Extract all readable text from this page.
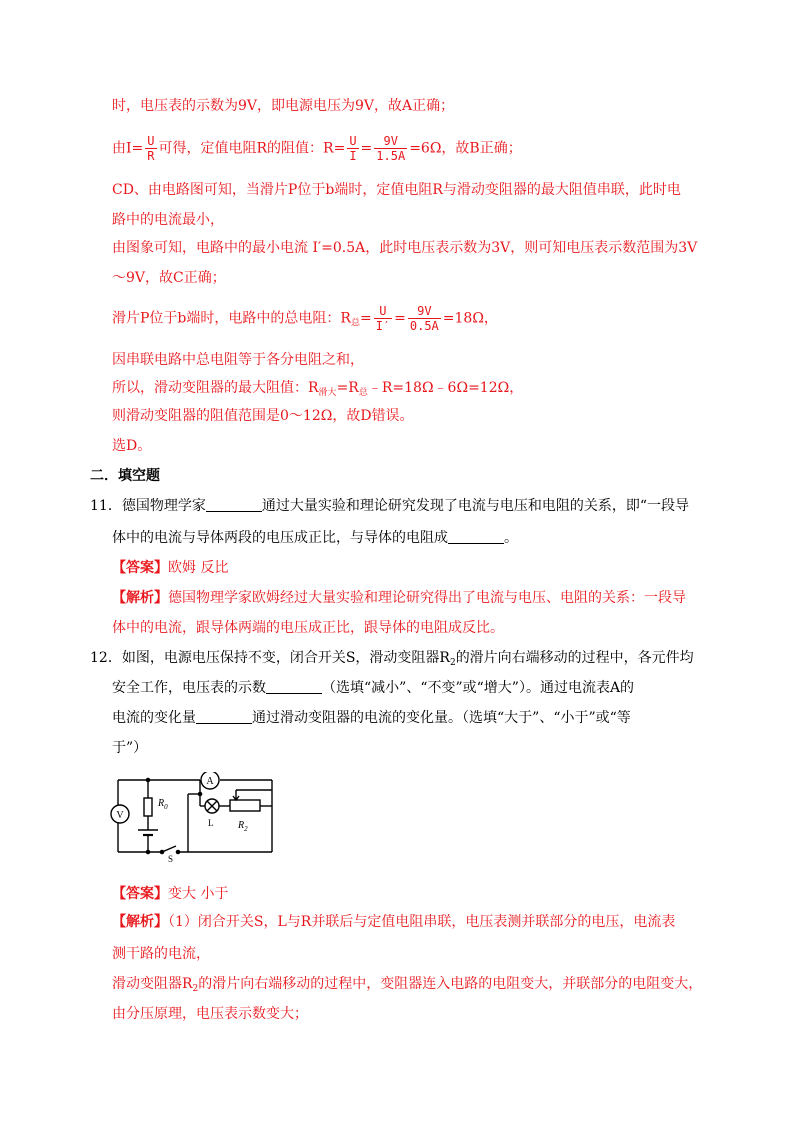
时，电压表的示数为9V，即电源电压为9V，故A正确；
由$I= \frac{U}{R}$ 可得，定值电阻R的阻值：$R= \frac{U}{I} = \frac{9V}{1.5A} =6\Omega$，故B正确；
CD、由电路图可知，当滑片P位于b端时，定值电阻R与滑动变阻器的最大阻值串联，此时电
路中的电流最小，
由图象可知，电路中的最小电流 I′=0.5A，此时电压表示数为3V，则可知电压表示数范围为3V
～9V，故C正确；
滑片P位于b端时，电路中的总电阻：$R_总= \frac{U}{I'} = \frac{9V}{0.5A} =18\Omega$，
因串联电路中总电阻等于各分电阻之和，
所以，滑动变阻器的最大阻值：$R_{滑大}=R_总﹣R=18\Omega﹣6\Omega=12\Omega$，
则滑动变阻器的阻值范围是0～12Ω，故D错误。
选D。
二．填空题
11．德国物理学家	通过大量实验和理论研究发现了电流与电压和电阻的关系，即“一段导
体中的电流与导体两段的电压成正比，与导体的电阻成	。
【答案】欧姆 反比
【解析】德国物理学家欧姆经过大量实验和理论研究得出了电流与电压、电阻的关系：一段导
体中的电流，跟导体两端的电压成正比，跟导体的电阻成反比。
12．如图，电源电压保持不变，闭合开关S，滑动变阻器$R_2$的滑片向右端移动的过程中，各元件均
安全工作，电压表的示数	（选填“减小”、“不变”或“增大”）。通过电流表A的
电流的变化量	通过滑动变阻器的电流的变化量。（选填“大于”、“小于”或“等
于”）
A
V
$R_0$
S
L $R_2$
【答案】变大 小于
【解析】（1）闭合开关S，L与R并联后与定值电阻串联，电压表测并联部分的电压，电流表
测干路的电流，
滑动变阻器$R_2$的滑片向右端移动的过程中，变阻器连入电路的电阻变大，并联部分的电阻变大，
由分压原理，电压表示数变大；
